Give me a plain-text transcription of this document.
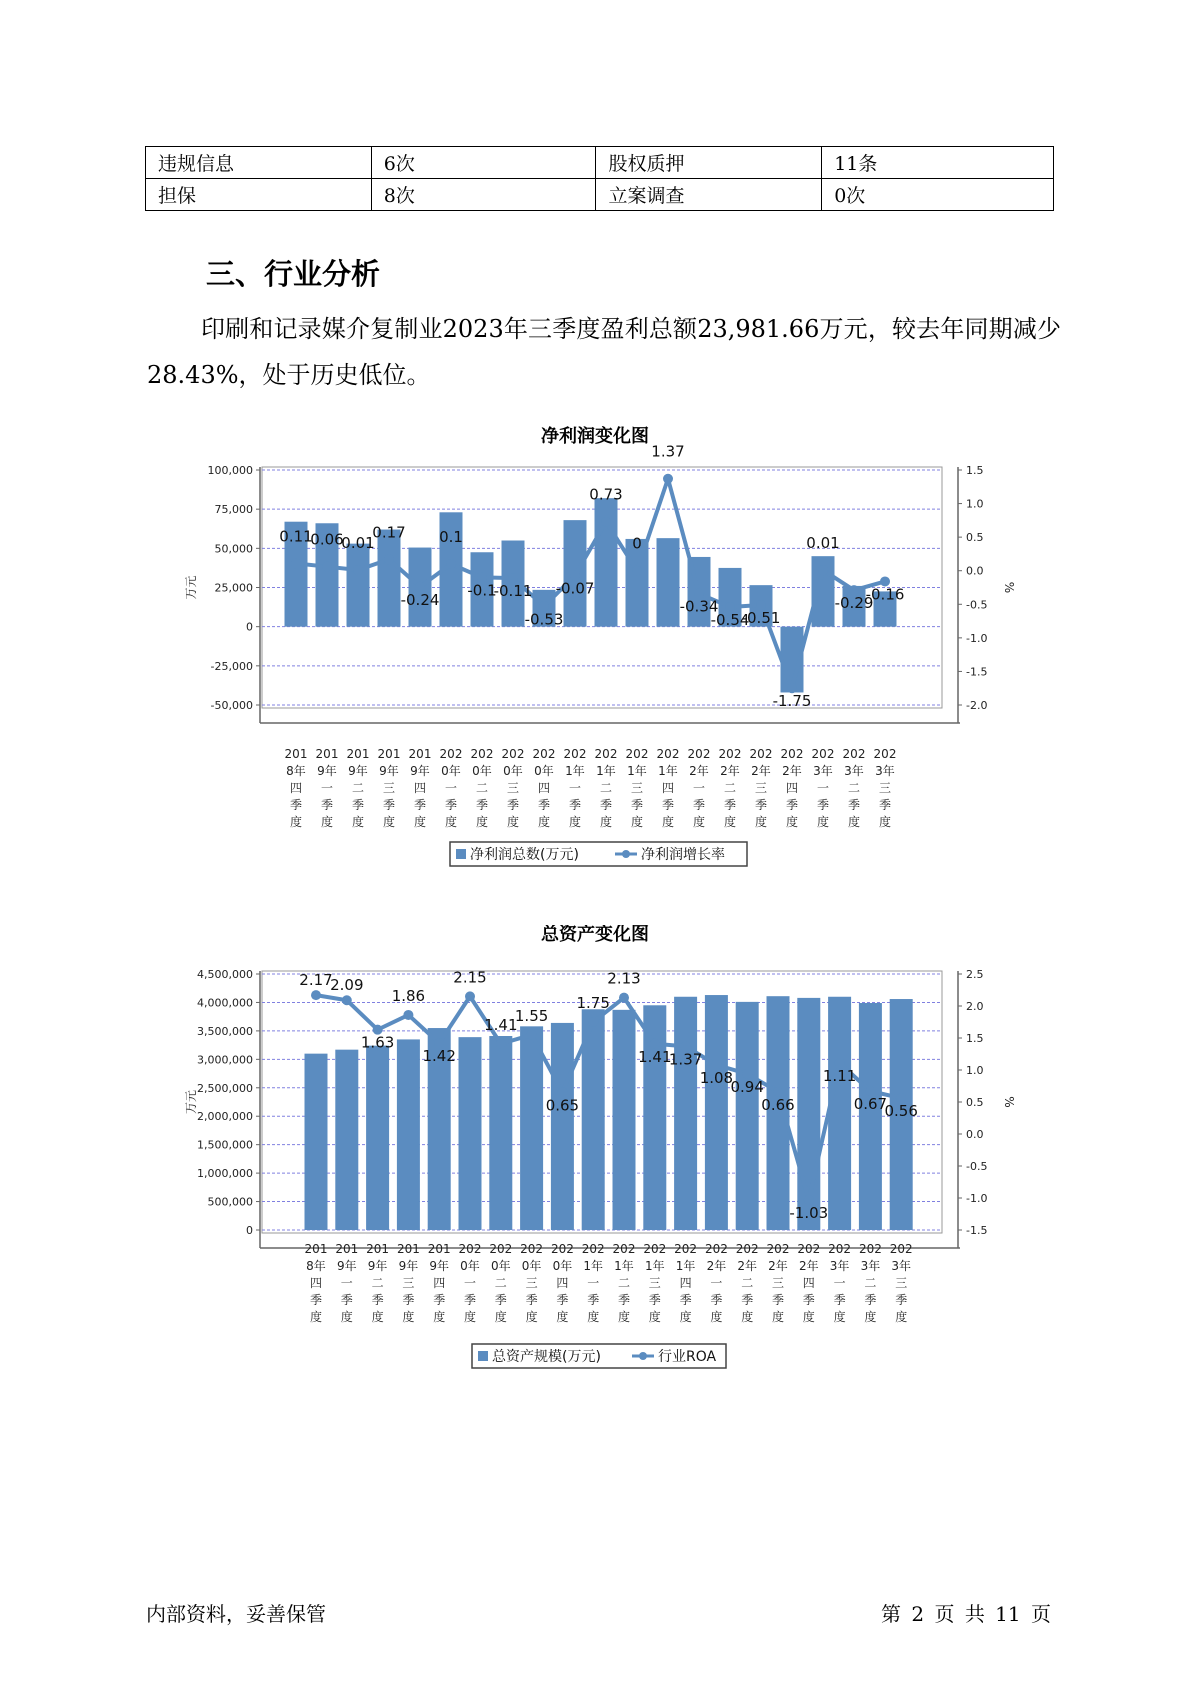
违规信息	6次	股权质押	11条
担保	8次	立案调查	0次
三、行业分析

印刷和记录媒介复制业2023年三季度盈利总额23,981.66万元，较去年同期减少28.43%，处于历史低位。

净利润变化图
100,000
75,000
50,000
25,000
0
-25,000
-50,000
1.5
1.0
0.5
0.0
-0.5
-1.0
-1.5
-2.0
万元	%
0.11
0.06
0.01
0.17
-0.24
0.1
-0.1
-0.11
-0.53
-0.07
0.73
0
1.37
-0.34
-0.54
-0.51
-1.75
0.01
-0.29
-0.16
201
8年
四
季
度
201
9年
一
季
度
201
9年
二
季
度
201
9年
三
季
度
201
9年
四
季
度
202
0年
一
季
度
202
0年
二
季
度
202
0年
三
季
度
202
0年
四
季
度
202
1年
一
季
度
202
1年
二
季
度
202
1年
三
季
度
202
1年
四
季
度
202
2年
一
季
度
202
2年
二
季
度
202
2年
三
季
度
202
2年
四
季
度
202
3年
一
季
度
202
3年
二
季
度
202
3年
三
季
度
净利润总数(万元)	净利润增长率
总资产变化图
4,500,000
4,000,000
3,500,000
3,000,000
2,500,000
2,000,000
1,500,000
1,000,000
500,000
0
2.5
2.0
1.5
1.0
0.5
0.0
-0.5
-1.0
-1.5
万元	%
2.17
2.09
1.63
1.86
1.42
2.15
1.41
1.55
0.65
1.75
2.13
1.41
1.37
1.08
0.94
0.66
-1.03
1.11
0.67
0.56
201
8年
四
季
度
201
9年
一
季
度
201
9年
二
季
度
201
9年
三
季
度
201
9年
四
季
度
202
0年
一
季
度
202
0年
二
季
度
202
0年
三
季
度
202
0年
四
季
度
202
1年
一
季
度
202
1年
二
季
度
202
1年
三
季
度
202
1年
四
季
度
202
2年
一
季
度
202
2年
二
季
度
202
2年
三
季
度
202
2年
四
季
度
202
3年
一
季
度
202
3年
二
季
度
202
3年
三
季
度
总资产规模(万元)	行业ROA
内部资料，妥善保管	第 2 页 共 11 页
